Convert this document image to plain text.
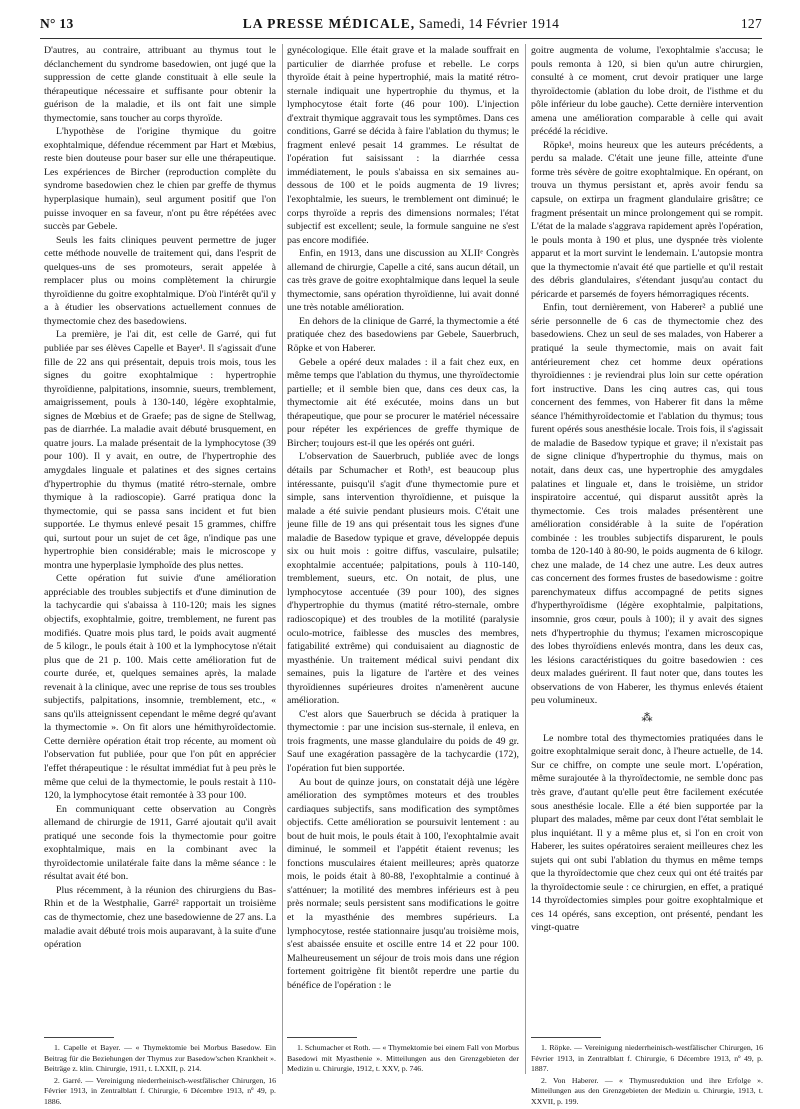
N° 13	LA PRESSE MÉDICALE, Samedi, 14 Février 1914	127

D'autres, au contraire, attribuant au thymus tout le déclanchement du syndrome basedowien, ont jugé que la suppression de cette glande constituait à elle seule la thérapeutique nécessaire et suffisante pour obtenir la guérison de la maladie, et ils ont fait une simple thymectomie, sans toucher au corps thyroïde.

L'hypothèse de l'origine thymique du goitre exophtalmique, défendue récemment par Hart et Mœbius, reste bien douteuse pour baser sur elle une thérapeutique. Les expériences de Bircher (reproduction complète du syndrome basedowien chez le chien par greffe de thymus hyperplasique humain), seul argument positif que l'on puisse invoquer en sa faveur, n'ont pu être répétées avec succès par Gebele.

Seuls les faits cliniques peuvent permettre de juger cette méthode nouvelle de traitement qui, dans l'esprit de quelques-uns de ses promoteurs, serait appelée à remplacer plus ou moins complètement la chirurgie thyroïdienne du goitre exophtalmique. D'où l'intérêt qu'il y a à étudier les observations actuellement connues de thymectomie chez des basedowiens.

La première, je l'ai dit, est celle de Garré, qui fut publiée par ses élèves Capelle et Bayer¹. Il s'agissait d'une fille de 22 ans qui présentait, depuis trois mois, tous les signes du goitre exophtalmique : hypertrophie thyroïdienne, palpitations, insomnie, sueurs, tremblement, amaigrissement, pouls à 130-140, légère exophtalmie, signes de Mœbius et de Graefe; pas de signe de Stellwag, pas de diarrhée. La maladie avait débuté brusquement, en quatre jours. La malade présentait de la lymphocytose (39 pour 100). Il y avait, en outre, de l'hypertrophie des amygdales linguale et palatines et des signes certains d'hypertrophie du thymus (matité rétro-sternale, ombre thymique à la radioscopie). Garré pratiqua donc la thymectomie, qui se passa sans incident et fut bien supportée. Le thymus enlevé pesait 15 grammes, chiffre qui, surtout pour un sujet de cet âge, n'indique pas une hypertrophie bien considérable; mais le microscope y montra une hyperplasie lymphoïde des plus nettes.

Cette opération fut suivie d'une amélioration appréciable des troubles subjectifs et d'une diminution de la tachycardie qui s'abaissa à 110-120; mais les signes objectifs, exophtalmie, goitre, tremblement, ne furent pas modifiés. Quatre mois plus tard, le poids avait augmenté de 5 kilogr., le pouls était à 100 et la lymphocytose n'était plus que de 21 p. 100. Mais cette amélioration fut de courte durée, et, quelques semaines après, la malade revenait à la clinique, avec une reprise de tous ses troubles subjectifs, palpitations, insomnie, tremblement, etc., « sans qu'ils atteignissent cependant le même degré qu'avant la thymectomie ». On fit alors une hémithyroïdectomie. Cette dernière opération était trop récente, au moment où l'observation fut publiée, pour que l'on pût en apprécier l'effet thérapeutique : le résultat immédiat fut à peu près le même que celui de la thymectomie, le pouls restait à 110-120, la lymphocytose était remontée à 33 pour 100.

En communiquant cette observation au Congrès allemand de chirurgie de 1911, Garré ajoutait qu'il avait pratiqué une seconde fois la thymectomie pour goitre exophtalmique, mais en la combinant avec la thyroïdectomie unilatérale faite dans la même séance : le résultat avait été bon.

Plus récemment, à la réunion des chirurgiens du Bas-Rhin et de la Westphalie, Garré² rapportait un troisième cas de thymectomie, chez une basedowienne de 27 ans. La maladie avait débuté trois mois auparavant, à la suite d'une opération

gynécologique. Elle était grave et la malade souffrait en particulier de diarrhée profuse et rebelle. Le corps thyroïde était à peine hypertrophié, mais la matité rétro-sternale indiquait une hypertrophie du thymus, et la lymphocytose était forte (46 pour 100). L'injection d'extrait thymique aggravait tous les symptômes. Dans ces conditions, Garré se décida à faire l'ablation du thymus; le fragment enlevé pesait 14 grammes. Le résultat de l'opération fut saisissant : la diarrhée cessa immédiatement, le pouls s'abaissa en six semaines au-dessous de 100 et le poids augmenta de 19 livres; l'exophtalmie, les sueurs, le tremblement ont diminué; le corps thyroïde a repris des dimensions normales; l'état subjectif est excellent; seule, la formule sanguine ne s'est pas encore modifiée.

Enfin, en 1913, dans une discussion au XLIIᵉ Congrès allemand de chirurgie, Capelle a cité, sans aucun détail, un cas très grave de goitre exophtalmique dans lequel la seule thymectomie, sans opération thyroïdienne, lui avait donné une très notable amélioration.

En dehors de la clinique de Garré, la thymectomie a été pratiquée chez des basedowiens par Gebele, Sauerbruch, Röpke et von Haberer.

Gebele a opéré deux malades : il a fait chez eux, en même temps que l'ablation du thymus, une thyroïdectomie partielle; et il semble bien que, dans ces deux cas, la thymectomie ait été exécutée, moins dans un but thérapeutique, que pour se procurer le matériel nécessaire pour répéter les expériences de greffe thymique de Bircher; toujours est-il que les opérés ont guéri.

L'observation de Sauerbruch, publiée avec de longs détails par Schumacher et Roth¹, est beaucoup plus intéressante, puisqu'il s'agit d'une thymectomie pure et simple, sans intervention thyroïdienne, et puisque la malade a été suivie pendant plusieurs mois. C'était une jeune fille de 19 ans qui présentait tous les signes d'une maladie de Basedow typique et grave, développée depuis six ou huit mois : goitre diffus, vasculaire, pulsatile; exophtalmie accentuée; palpitations, pouls à 110-140, tremblement, sueurs, etc. On notait, de plus, une lymphocytose accentuée (39 pour 100), des signes d'hypertrophie du thymus (matité rétro-sternale, ombre radioscopique) et des troubles de la motilité (paralysie oculo-motrice, faiblesse des muscles des membres, fatigabilité extrême) qui conduisaient au diagnostic de myasthénie. Un traitement médical suivi pendant dix semaines, puis la ligature de l'artère et des veines thyroïdiennes supérieures droites n'amenèrent aucune amélioration.

C'est alors que Sauerbruch se décida à pratiquer la thymectomie : par une incision sus-sternale, il enleva, en trois fragments, une masse glandulaire du poids de 49 gr. Sauf une exagération passagère de la tachycardie (172), l'opération fut bien supportée.

Au bout de quinze jours, on constatait déjà une légère amélioration des symptômes moteurs et des troubles cardiaques subjectifs, sans modification des symptômes objectifs. Cette amélioration se poursuivit lentement : au bout de huit mois, le pouls était à 100, l'exophtalmie avait diminué, le sommeil et l'appétit étaient revenus; les fonctions musculaires étaient meilleures; après quatorze mois, le poids était à 80-88, l'exophtalmie a continué à s'atténuer; la motilité des membres inférieurs est à peu près normale; seuls persistent sans modifications le goitre et la myasthénie des membres supérieurs. La lymphocytose, restée stationnaire jusqu'au troisième mois, s'est abaissée ensuite et oscille entre 14 et 22 pour 100. Malheureusement un séjour de trois mois dans une région fortement goitrigène fit bientôt reperdre une partie du bénéfice de l'opération : le

goitre augmenta de volume, l'exophtalmie s'accusa; le pouls remonta à 120, si bien qu'un autre chirurgien, consulté à ce moment, crut devoir pratiquer une large thyroïdectomie (ablation du lobe droit, de l'isthme et du pôle inférieur du lobe gauche). Cette dernière intervention amena une amélioration comparable à celle qui avait précédé la récidive.

Röpke¹, moins heureux que les auteurs précédents, a perdu sa malade. C'était une jeune fille, atteinte d'une forme très sévère de goitre exophtalmique. En opérant, on trouva un thymus persistant et, après avoir fendu sa capsule, on extirpa un fragment glandulaire grisâtre; ce fragment présentait un mince prolongement qui se rompit. L'état de la malade s'aggrava rapidement après l'opération, le pouls monta à 190 et plus, une dyspnée très violente apparut et la mort survint le lendemain. L'autopsie montra que la thymectomie n'avait été que partielle et qu'il restait des débris glandulaires, s'étendant jusqu'au contact du péricarde et parsemés de foyers hémorragiques récents.

Enfin, tout dernièrement, von Haberer² a publié une série personnelle de 6 cas de thymectomie chez des basedowiens. Chez un seul de ses malades, von Haberer a pratiqué la seule thymectomie, mais on avait fait antérieurement chez cet homme deux opérations thyroïdiennes : je reviendrai plus loin sur cette opération fort instructive. Dans les cinq autres cas, qui tous concernent des femmes, von Haberer fit dans la même séance l'hémithyroïdectomie et l'ablation du thymus; tous furent opérés sous anesthésie locale. Trois fois, il s'agissait de maladie de Basedow typique et grave; il n'existait pas de signe clinique d'hypertrophie du thymus, mais on notait, dans deux cas, une hypertrophie des amygdales palatines et linguale et, dans le troisième, un stridor inspiratoire accentué, qui disparut aussitôt après la thymectomie. Ces trois malades présentèrent une amélioration considérable à la suite de l'opération combinée : les troubles subjectifs disparurent, le pouls tomba de 120-140 à 80-90, le poids augmenta de 6 kilogr. chez une malade, de 14 chez une autre. Les deux autres cas concernent des formes frustes de basedowisme : goitre parenchymateux diffus accompagné de petits signes d'hyperthyroïdisme (légère exophtalmie, palpitations, insomnie, gros cœur, pouls à 100); il y avait des signes nets d'hypertrophie du thymus; l'examen microscopique des lobes thyroïdiens enlevés montra, dans les deux cas, les lésions caractéristiques du goitre basedowien : ces deux malades guérirent. Il faut noter que, dans toutes les observations de von Haberer, les thymus enlevés étaient peu volumineux.

⁂

Le nombre total des thymectomies pratiquées dans le goitre exophtalmique serait donc, à l'heure actuelle, de 14. Sur ce chiffre, on compte une seule mort. L'opération, même surajoutée à la thyroïdectomie, ne semble donc pas très grave, d'autant qu'elle peut être facilement exécutée sous anesthésie locale. Elle a été bien supportée par la plupart des malades, même par ceux dont l'état semblait le plus inquiétant. Il y a même plus et, si l'on en croit von Haberer, les suites opératoires seraient meilleures chez les sujets qui ont subi l'ablation du thymus en même temps que la thyroïdectomie que chez ceux qui ont été traités par la thyroïdectomie seule : ce chirurgien, en effet, a pratiqué 14 thyroïdectomies simples pour goitre exophtalmique et ces 14 opérés, sans exception, ont présenté, pendant les vingt-quatre

1. Capelle et Bayer. — « Thymektomie bei Morbus Basedow. Ein Beitrag für die Beziehungen der Thymus zur Basedow'schen Krankheit ». Beiträge z. klin. Chirurgie, 1911, t. LXXII, p. 214.

2. Garré. — Vereinigung niederrheinisch-westfälischer Chirurgen, 16 Février 1913, in Zentralblatt f. Chirurgie, 6 Décembre 1913, nº 49, p. 1886.

1. Schumacher et Roth. — « Thymektomie bei einem Fall von Morbus Basedowi mit Myasthenie ». Mitteilungen aus den Grenzgebieten der Medizin u. Chirurgie, 1912, t. XXV, p. 746.

1. Röpke. — Vereinigung niederrheinisch-westfälischer Chirurgen, 16 Février 1913, in Zentralblatt f. Chirurgie, 6 Décembre 1913, nº 49, p. 1887.

2. Von Haberer. — « Thymusreduktion und ihre Erfolge ». Mitteilungen aus den Grenzgebieten der Medizin u. Chirurgie, 1913, t. XXVII, p. 199.
